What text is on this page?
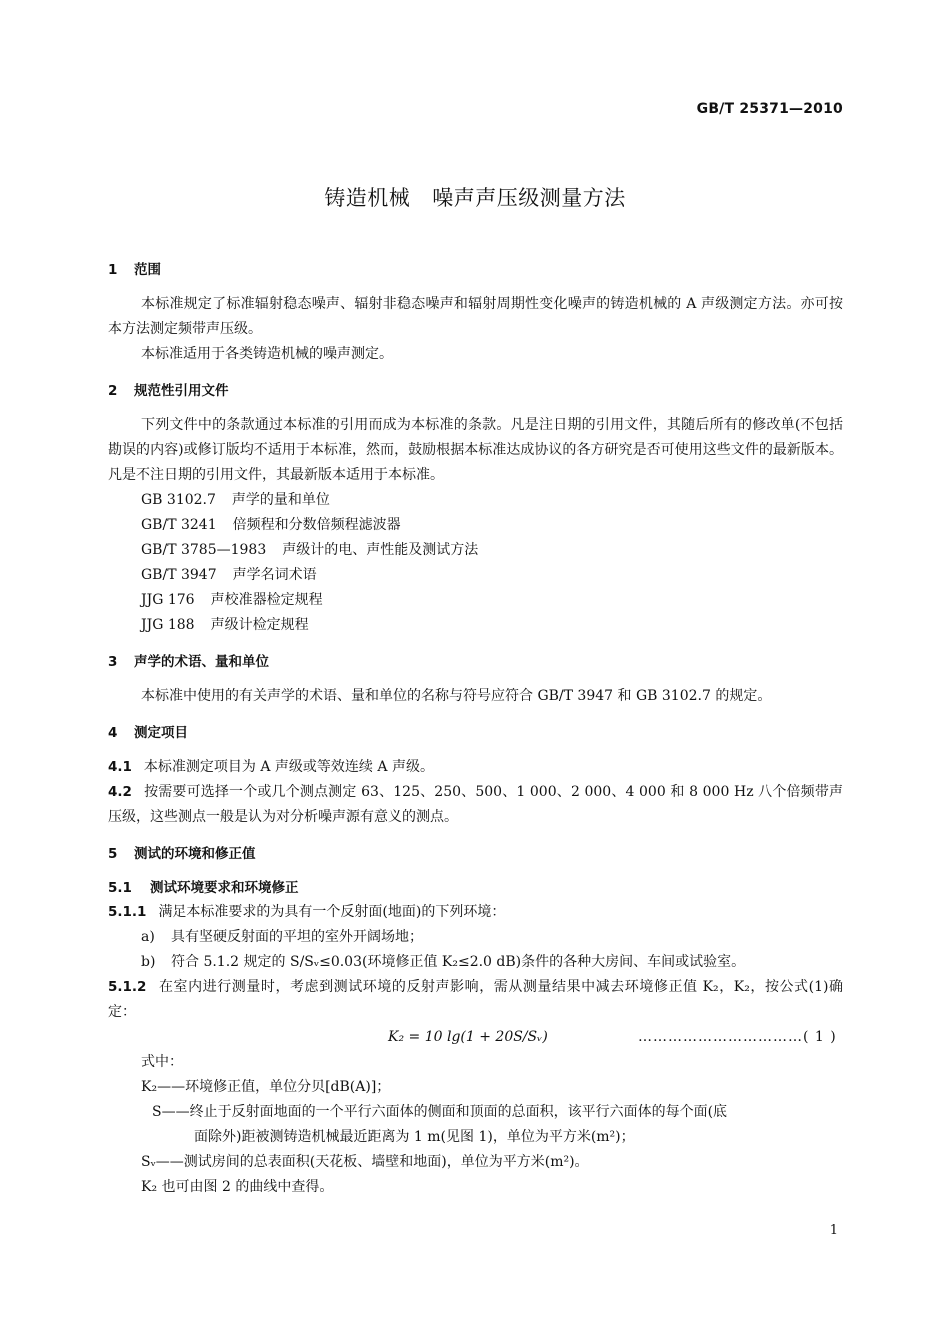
GB/T 25371—2010
铸造机械 噪声声压级测量方法
1 范围
本标准规定了标准辐射稳态噪声、辐射非稳态噪声和辐射周期性变化噪声的铸造机械的 A 声级测定方法。亦可按本方法测定频带声压级。
本标准适用于各类铸造机械的噪声测定。
2 规范性引用文件
下列文件中的条款通过本标准的引用而成为本标准的条款。凡是注日期的引用文件，其随后所有的修改单(不包括勘误的内容)或修订版均不适用于本标准，然而，鼓励根据本标准达成协议的各方研究是否可使用这些文件的最新版本。凡是不注日期的引用文件，其最新版本适用于本标准。
GB 3102.7 声学的量和单位
GB/T 3241 倍频程和分数倍频程滤波器
GB/T 3785—1983 声级计的电、声性能及测试方法
GB/T 3947 声学名词术语
JJG 176 声校准器检定规程
JJG 188 声级计检定规程
3 声学的术语、量和单位
本标准中使用的有关声学的术语、量和单位的名称与符号应符合 GB/T 3947 和 GB 3102.7 的规定。
4 测定项目
4.1 本标准测定项目为 A 声级或等效连续 A 声级。
4.2 按需要可选择一个或几个测点测定 63、125、250、500、1 000、2 000、4 000 和 8 000 Hz 八个倍频带声压级，这些测点一般是认为对分析噪声源有意义的测点。
5 测试的环境和修正值
5.1 测试环境要求和环境修正
5.1.1 满足本标准要求的为具有一个反射面(地面)的下列环境：
a) 具有坚硬反射面的平坦的室外开阔场地；
b) 符合 5.1.2 规定的 S/Sᵥ≤0.03(环境修正值 K₂≤2.0 dB)条件的各种大房间、车间或试验室。
5.1.2 在室内进行测量时，考虑到测试环境的反射声影响，需从测量结果中减去环境修正值 K₂，K₂，按公式(1)确定：
K₂ = 10 lg(1 + 20S/Sᵥ)	……………………………( 1 )
式中：
K₂——环境修正值，单位分贝[dB(A)]；
S——终止于反射面地面的一个平行六面体的侧面和顶面的总面积，该平行六面体的每个面(底
面除外)距被测铸造机械最近距离为 1 m(见图 1)，单位为平方米(m²)；
Sᵥ——测试房间的总表面积(天花板、墙壁和地面)，单位为平方米(m²)。
K₂ 也可由图 2 的曲线中查得。
1
